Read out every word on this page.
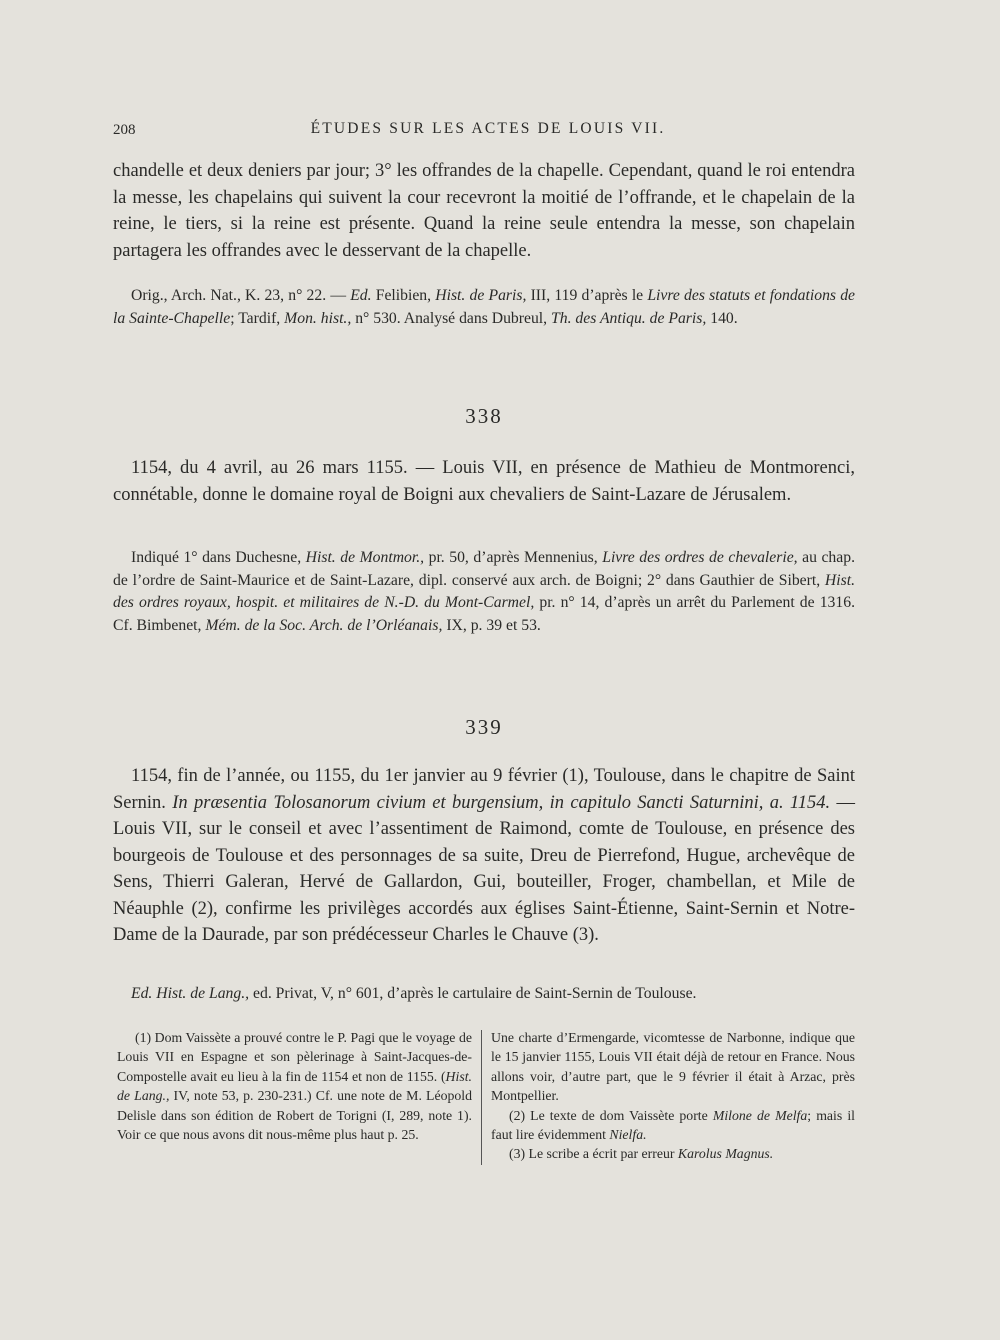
208	ÉTUDES SUR LES ACTES DE LOUIS VII.

chandelle et deux deniers par jour; 3° les offrandes de la chapelle. Cependant, quand le roi entendra la messe, les chapelains qui suivent la cour recevront la moitié de l’offrande, et le chapelain de la reine, le tiers, si la reine est présente. Quand la reine seule entendra la messe, son chapelain partagera les offrandes avec le desservant de la chapelle.

Orig., Arch. Nat., K. 23, n° 22. — Ed. Felibien, Hist. de Paris, III, 119 d’après le Livre des statuts et fondations de la Sainte-Chapelle; Tardif, Mon. hist., n° 530. Analysé dans Dubreul, Th. des Antiqu. de Paris, 140.

338

1154, du 4 avril, au 26 mars 1155. — Louis VII, en présence de Mathieu de Montmorenci, connétable, donne le domaine royal de Boigni aux chevaliers de Saint-Lazare de Jérusalem.

Indiqué 1° dans Duchesne, Hist. de Montmor., pr. 50, d’après Mennenius, Livre des ordres de chevalerie, au chap. de l’ordre de Saint-Maurice et de Saint-Lazare, dipl. conservé aux arch. de Boigni; 2° dans Gauthier de Sibert, Hist. des ordres royaux, hospit. et militaires de N.-D. du Mont-Carmel, pr. n° 14, d’après un arrêt du Parlement de 1316. Cf. Bimbenet, Mém. de la Soc. Arch. de l’Orléanais, IX, p. 39 et 53.

339

1154, fin de l’année, ou 1155, du 1er janvier au 9 février (1), Toulouse, dans le chapitre de Saint Sernin. In præsentia Tolosanorum civium et burgensium, in capitulo Sancti Saturnini, a. 1154. — Louis VII, sur le conseil et avec l’assentiment de Raimond, comte de Toulouse, en présence des bourgeois de Toulouse et des personnages de sa suite, Dreu de Pierrefond, Hugue, archevêque de Sens, Thierri Galeran, Hervé de Gallardon, Gui, bouteiller, Froger, chambellan, et Mile de Néauphle (2), confirme les privilèges accordés aux églises Saint-Étienne, Saint-Sernin et Notre-Dame de la Daurade, par son prédécesseur Charles le Chauve (3).

Ed. Hist. de Lang., ed. Privat, V, n° 601, d’après le cartulaire de Saint-Sernin de Toulouse.

(1) Dom Vaissète a prouvé contre le P. Pagi que le voyage de Louis VII en Espagne et son pèlerinage à Saint-Jacques-de-Compostelle avait eu lieu à la fin de 1154 et non de 1155. (Hist. de Lang., IV, note 53, p. 230-231.) Cf. une note de M. Léopold Delisle dans son édition de Robert de Torigni (I, 289, note 1). Voir ce que nous avons dit nous-même plus haut p. 25.

Une charte d’Ermengarde, vicomtesse de Narbonne, indique que le 15 janvier 1155, Louis VII était déjà de retour en France. Nous allons voir, d’autre part, que le 9 février il était à Arzac, près Montpellier.

(2) Le texte de dom Vaissète porte Milone de Melfa; mais il faut lire évidemment Nielfa.

(3) Le scribe a écrit par erreur Karolus Magnus.
